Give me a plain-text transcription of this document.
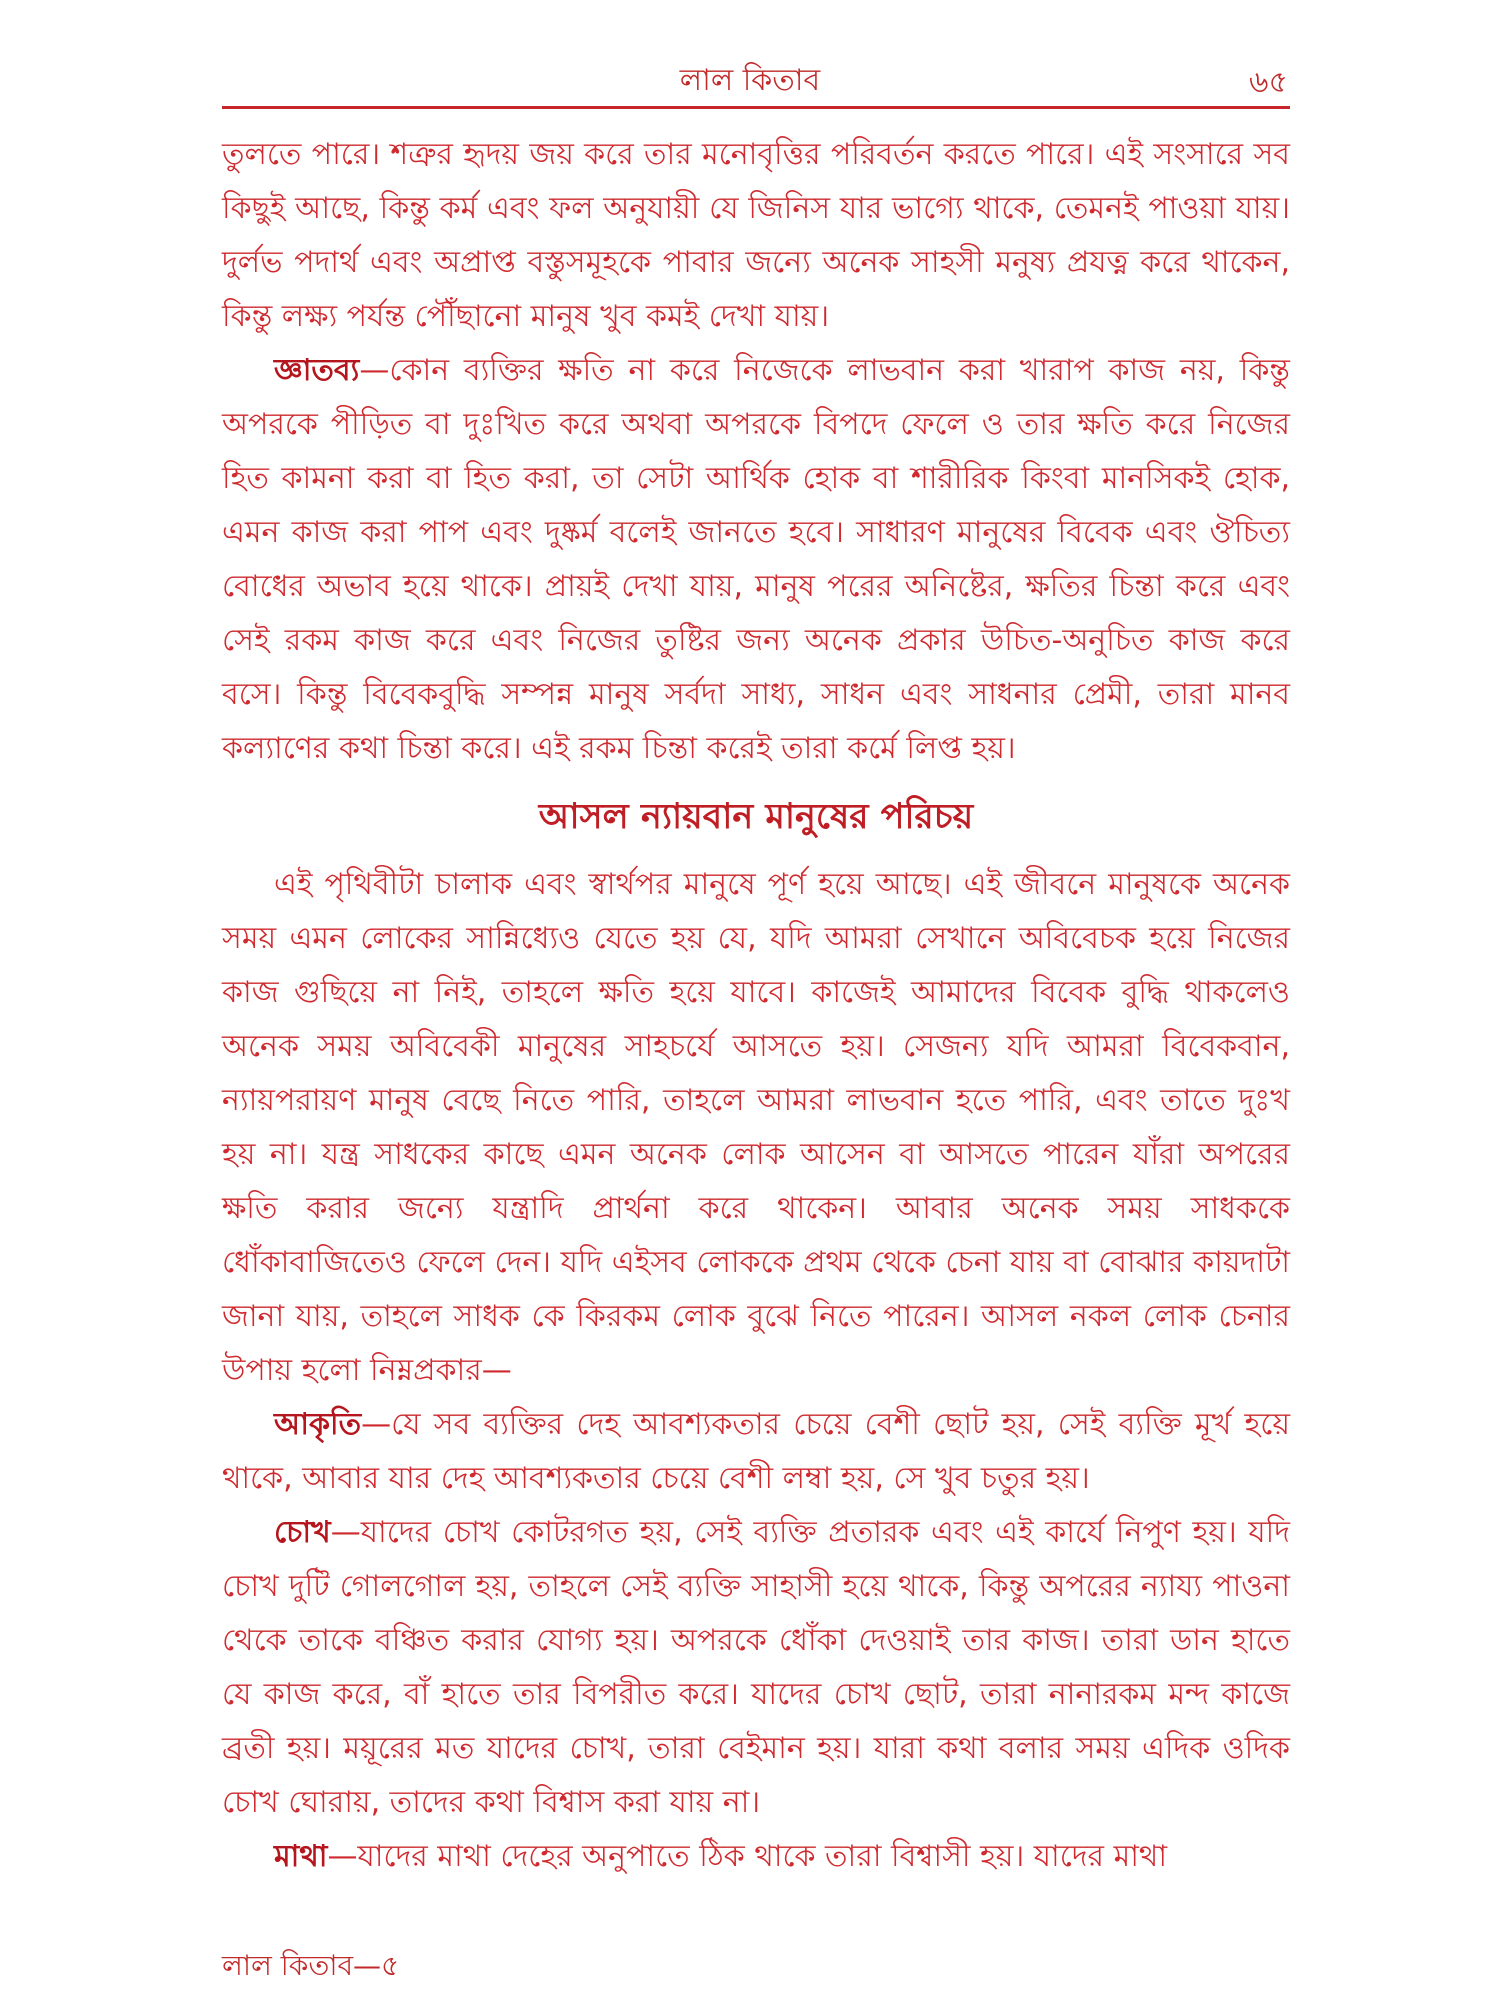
লাল কিতাব	৬৫

তুলতে পারে। শত্রুর হৃদয় জয় করে তার মনোবৃত্তির পরিবর্তন করতে পারে। এই সংসারে সব কিছুই আছে, কিন্তু কর্ম এবং ফল অনুযায়ী যে জিনিস যার ভাগ্যে থাকে, তেমনই পাওয়া যায়। দুর্লভ পদার্থ এবং অপ্রাপ্ত বস্তুসমূহকে পাবার জন্যে অনেক সাহসী মনুষ্য প্রযত্ন করে থাকেন, কিন্তু লক্ষ্য পর্যন্ত পৌঁছানো মানুষ খুব কমই দেখা যায়।

জ্ঞাতব্য—কোন ব্যক্তির ক্ষতি না করে নিজেকে লাভবান করা খারাপ কাজ নয়, কিন্তু অপরকে পীড়িত বা দুঃখিত করে অথবা অপরকে বিপদে ফেলে ও তার ক্ষতি করে নিজের হিত কামনা করা বা হিত করা, তা সেটা আর্থিক হোক বা শারীরিক কিংবা মানসিকই হোক, এমন কাজ করা পাপ এবং দুষ্কর্ম বলেই জানতে হবে। সাধারণ মানুষের বিবেক এবং ঔচিত্য বোধের অভাব হয়ে থাকে। প্রায়ই দেখা যায়, মানুষ পরের অনিষ্টের, ক্ষতির চিন্তা করে এবং সেই রকম কাজ করে এবং নিজের তুষ্টির জন্য অনেক প্রকার উচিত-অনুচিত কাজ করে বসে। কিন্তু বিবেকবুদ্ধি সম্পন্ন মানুষ সর্বদা সাধ্য, সাধন এবং সাধনার প্রেমী, তারা মানব কল্যাণের কথা চিন্তা করে। এই রকম চিন্তা করেই তারা কর্মে লিপ্ত হয়।

আসল ন্যায়বান মানুষের পরিচয়

এই পৃথিবীটা চালাক এবং স্বার্থপর মানুষে পূর্ণ হয়ে আছে। এই জীবনে মানুষকে অনেক সময় এমন লোকের সান্নিধ্যেও যেতে হয় যে, যদি আমরা সেখানে অবিবেচক হয়ে নিজের কাজ গুছিয়ে না নিই, তাহলে ক্ষতি হয়ে যাবে। কাজেই আমাদের বিবেক বুদ্ধি থাকলেও অনেক সময় অবিবেকী মানুষের সাহচর্যে আসতে হয়। সেজন্য যদি আমরা বিবেকবান, ন্যায়পরায়ণ মানুষ বেছে নিতে পারি, তাহলে আমরা লাভবান হতে পারি, এবং তাতে দুঃখ হয় না। যন্ত্র সাধকের কাছে এমন অনেক লোক আসেন বা আসতে পারেন যাঁরা অপরের ক্ষতি করার জন্যে যন্ত্রাদি প্রার্থনা করে থাকেন। আবার অনেক সময় সাধককে ধোঁকাবাজিতেও ফেলে দেন। যদি এইসব লোককে প্রথম থেকে চেনা যায় বা বোঝার কায়দাটা জানা যায়, তাহলে সাধক কে কিরকম লোক বুঝে নিতে পারেন। আসল নকল লোক চেনার উপায় হলো নিম্নপ্রকার—

আকৃতি—যে সব ব্যক্তির দেহ আবশ্যকতার চেয়ে বেশী ছোট হয়, সেই ব্যক্তি মূর্খ হয়ে থাকে, আবার যার দেহ আবশ্যকতার চেয়ে বেশী লম্বা হয়, সে খুব চতুর হয়।

চোখ—যাদের চোখ কোটরগত হয়, সেই ব্যক্তি প্রতারক এবং এই কার্যে নিপুণ হয়। যদি চোখ দুটি গোলগোল হয়, তাহলে সেই ব্যক্তি সাহাসী হয়ে থাকে, কিন্তু অপরের ন্যায্য পাওনা থেকে তাকে বঞ্চিত করার যোগ্য হয়। অপরকে ধোঁকা দেওয়াই তার কাজ। তারা ডান হাতে যে কাজ করে, বাঁ হাতে তার বিপরীত করে। যাদের চোখ ছোট, তারা নানারকম মন্দ কাজে ব্রতী হয়। ময়ূরের মত যাদের চোখ, তারা বেইমান হয়। যারা কথা বলার সময় এদিক ওদিক চোখ ঘোরায়, তাদের কথা বিশ্বাস করা যায় না।

মাথা—যাদের মাথা দেহের অনুপাতে ঠিক থাকে তারা বিশ্বাসী হয়। যাদের মাথা

লাল কিতাব—৫
